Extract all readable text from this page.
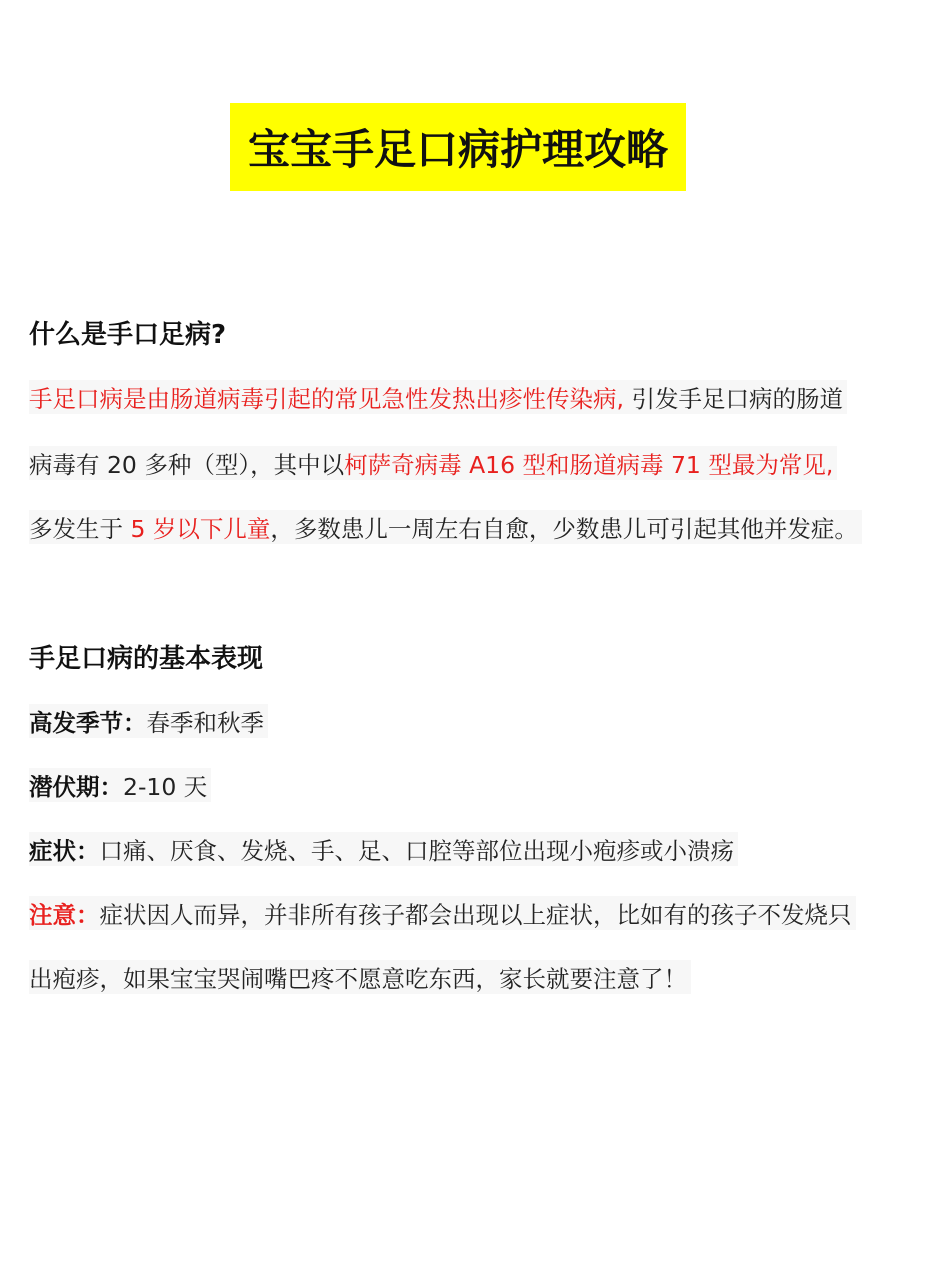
宝宝手足口病护理攻略
什么是手口足病?
手足口病是由肠道病毒引起的常见急性发热出疹性传染病, 引发手足口病的肠道
病毒有 20 多种（型），其中以柯萨奇病毒 A16 型和肠道病毒 71 型最为常见,
多发生于 5 岁以下儿童，多数患儿一周左右自愈，少数患儿可引起其他并发症。
手足口病的基本表现
高发季节：春季和秋季
潜伏期：2-10 天
症状：口痛、厌食、发烧、手、足、口腔等部位出现小疱疹或小溃疡
注意：症状因人而异，并非所有孩子都会出现以上症状，比如有的孩子不发烧只
出疱疹，如果宝宝哭闹嘴巴疼不愿意吃东西，家长就要注意了！
